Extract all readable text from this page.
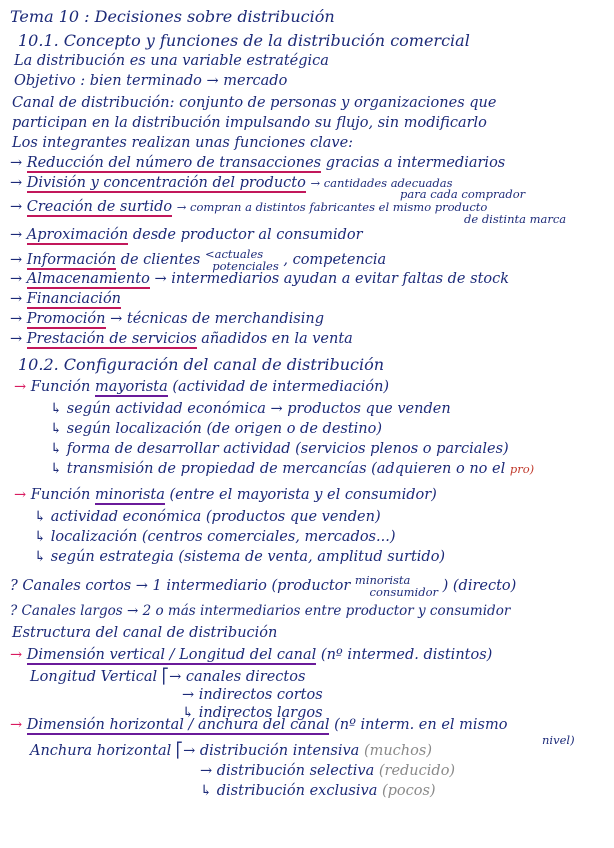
Tema 10 : Decisiones sobre distribución
10.1. Concepto y funciones de la distribución comercial
La distribución es una variable estratégica
Objetivo : bien terminado → mercado
Canal de distribución: conjunto de personas y organizaciones que
participan en la distribución impulsando su flujo, sin modificarlo
Los integrantes realizan unas funciones clave:
→ Reducción del número de transacciones gracias a intermediarios
→ División y concentración del producto → cantidades adecuadas
para cada comprador
→ Creación de surtido → compran a distintos fabricantes el mismo producto
de distinta marca
→ Aproximación desde productor al consumidor
→ Información de clientes <actuales
potenciales , competencia
→ Almacenamiento → intermediarios ayudan a evitar faltas de stock
→ Financiación
→ Promoción → técnicas de merchandising
→ Prestación de servicios añadidos en la venta
10.2. Configuración del canal de distribución
→ Función mayorista (actividad de intermediación)
↳ según actividad económica → productos que venden
↳ según localización (de origen o de destino)
↳ forma de desarrollar actividad (servicios plenos o parciales)
↳ transmisión de propiedad de mercancías (adquieren o no el pro)
→ Función minorista (entre el mayorista y el consumidor)
↳ actividad económica (productos que venden)
↳ localización (centros comerciales, mercados...)
↳ según estrategia (sistema de venta, amplitud surtido)
? Canales cortos → 1 intermediario (productor minorista
consumidor ) (directo)
? Canales largos → 2 o más intermediarios entre productor y consumidor
Estructura del canal de distribución
→ Dimensión vertical / Longitud del canal (nº intermed. distintos)
Longitud Vertical ⎡→ canales directos
→ indirectos cortos
↳ indirectos largos
→ Dimensión horizontal / anchura del canal (nº interm. en el mismo
nivel)
Anchura horizontal ⎡→ distribución intensiva (muchos)
→ distribución selectiva (reducido)
↳ distribución exclusiva (pocos)
